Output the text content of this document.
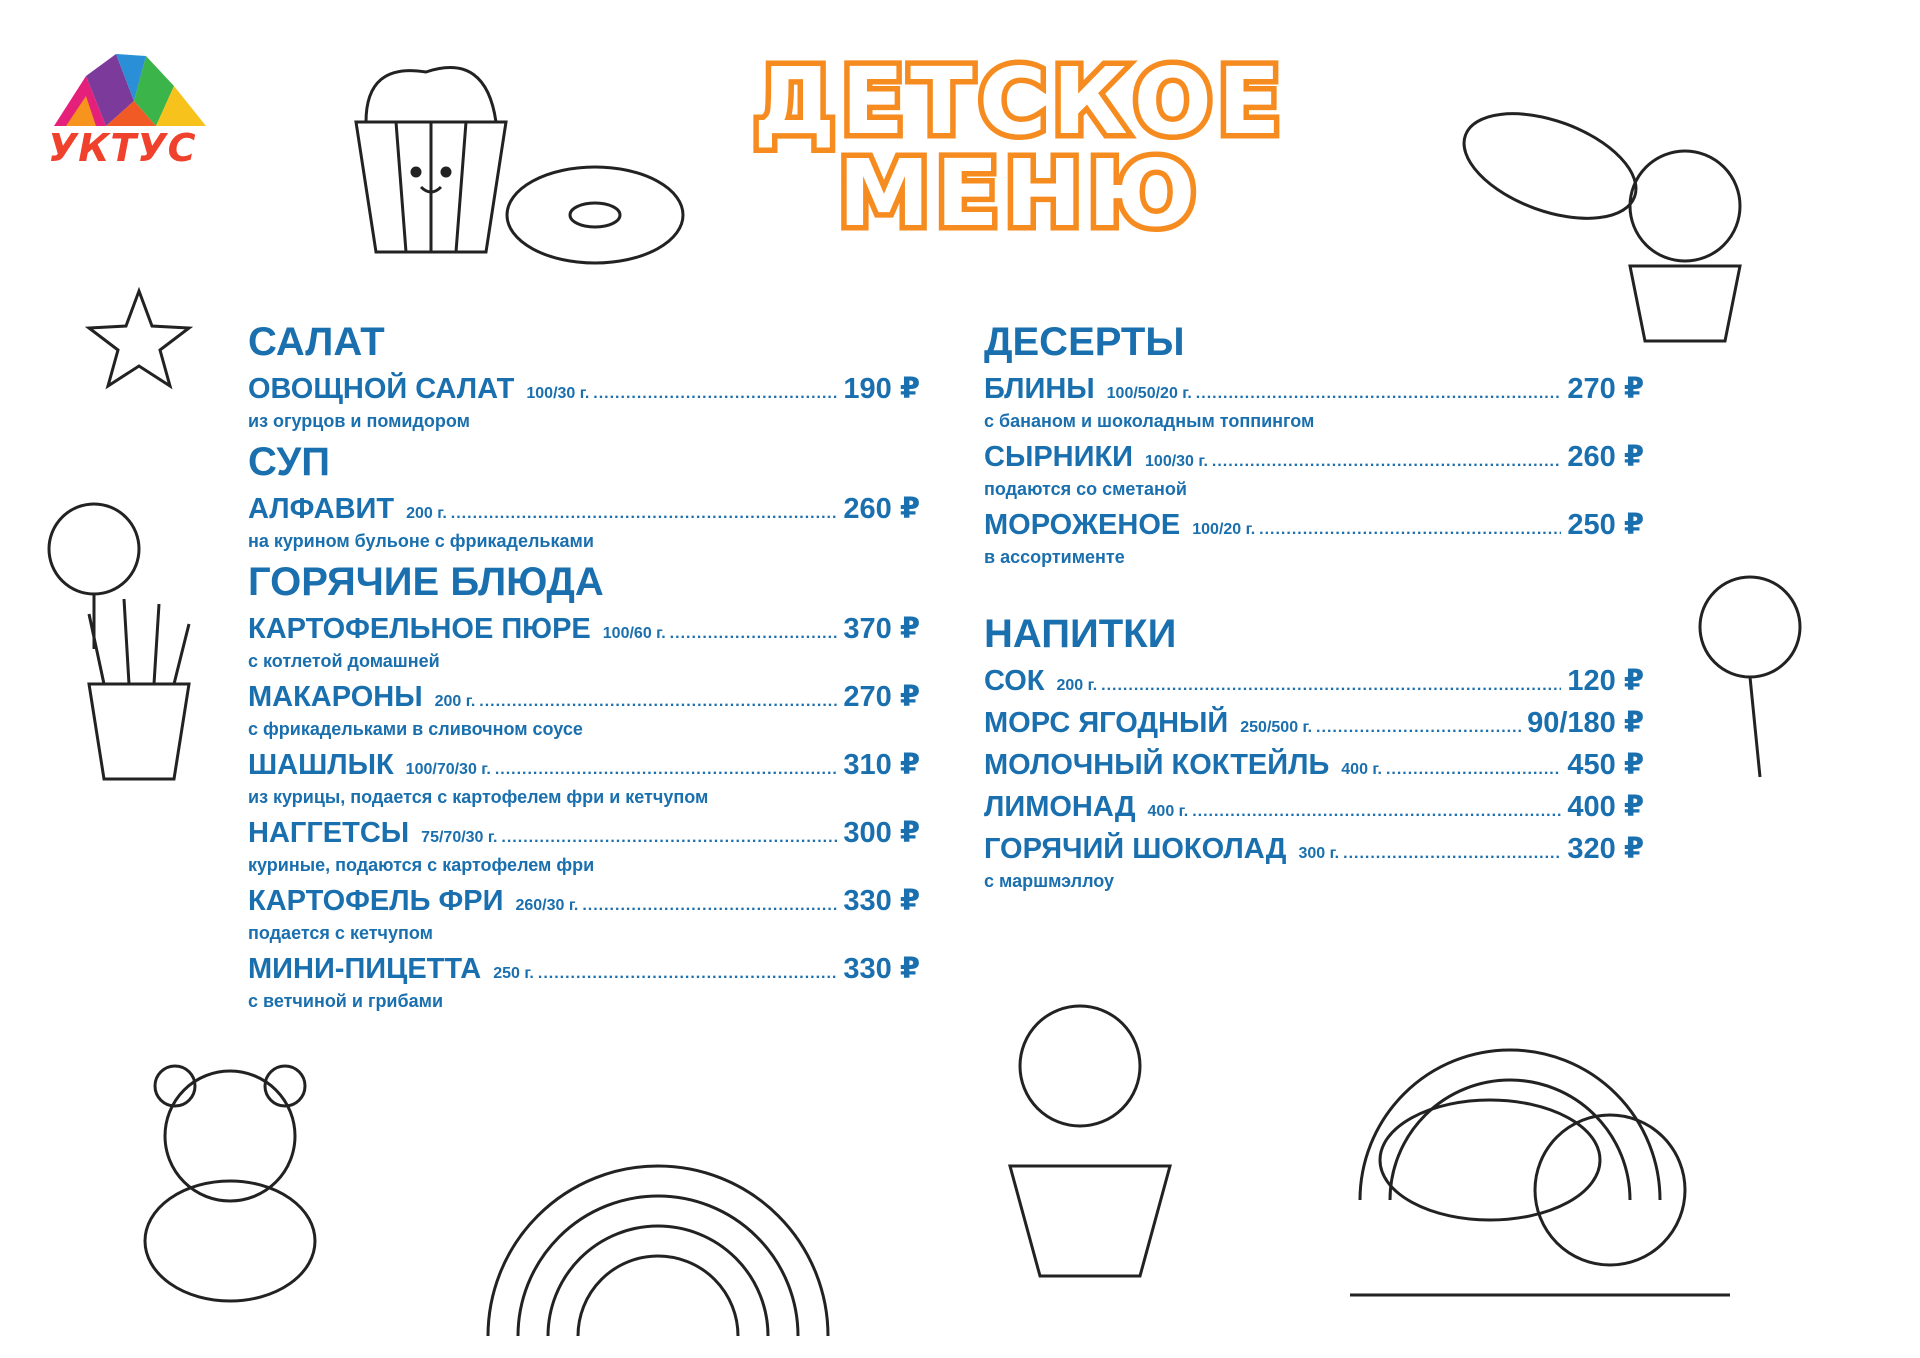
УКТУС	ДЕТСКОЕ
МЕНЮ
САЛАТ
ОВОЩНОЙ САЛАТ 100/30 г. .....	190 ₽
из огурцов и помидором
СУП
АЛФАВИТ 200 г. .....	260 ₽
на курином бульоне с фрикадельками
ГОРЯЧИЕ БЛЮДА
КАРТОФЕЛЬНОЕ ПЮРЕ 100/60 г. .....	370 ₽
с котлетой домашней
МАКАРОНЫ 200 г. .....	270 ₽
с фрикадельками в сливочном соусе
ШАШЛЫК 100/70/30 г. .....	310 ₽
из курицы, подается с картофелем фри и кетчупом
НАГГЕТСЫ 75/70/30 г. .....	300 ₽
куриные, подаются с картофелем фри
КАРТОФЕЛЬ ФРИ 260/30 г. .....	330 ₽
подается с кетчупом
МИНИ-ПИЦЕТТА 250 г. .....	330 ₽
с ветчиной и грибами
ДЕСЕРТЫ
БЛИНЫ 100/50/20 г. .....	270 ₽
с бананом и шоколадным топпингом
СЫРНИКИ 100/30 г. .....	260 ₽
подаются со сметаной
МОРОЖЕНОЕ 100/20 г. .....	250 ₽
в ассортименте
НАПИТКИ
СОК 200 г. .....	120 ₽
МОРС ЯГОДНЫЙ 250/500 г. .....	90/180 ₽
МОЛОЧНЫЙ КОКТЕЙЛЬ 400 г. .....	450 ₽
ЛИМОНАД 400 г. .....	400 ₽
ГОРЯЧИЙ ШОКОЛАД 300 г. .....	320 ₽
с маршмэллоу
